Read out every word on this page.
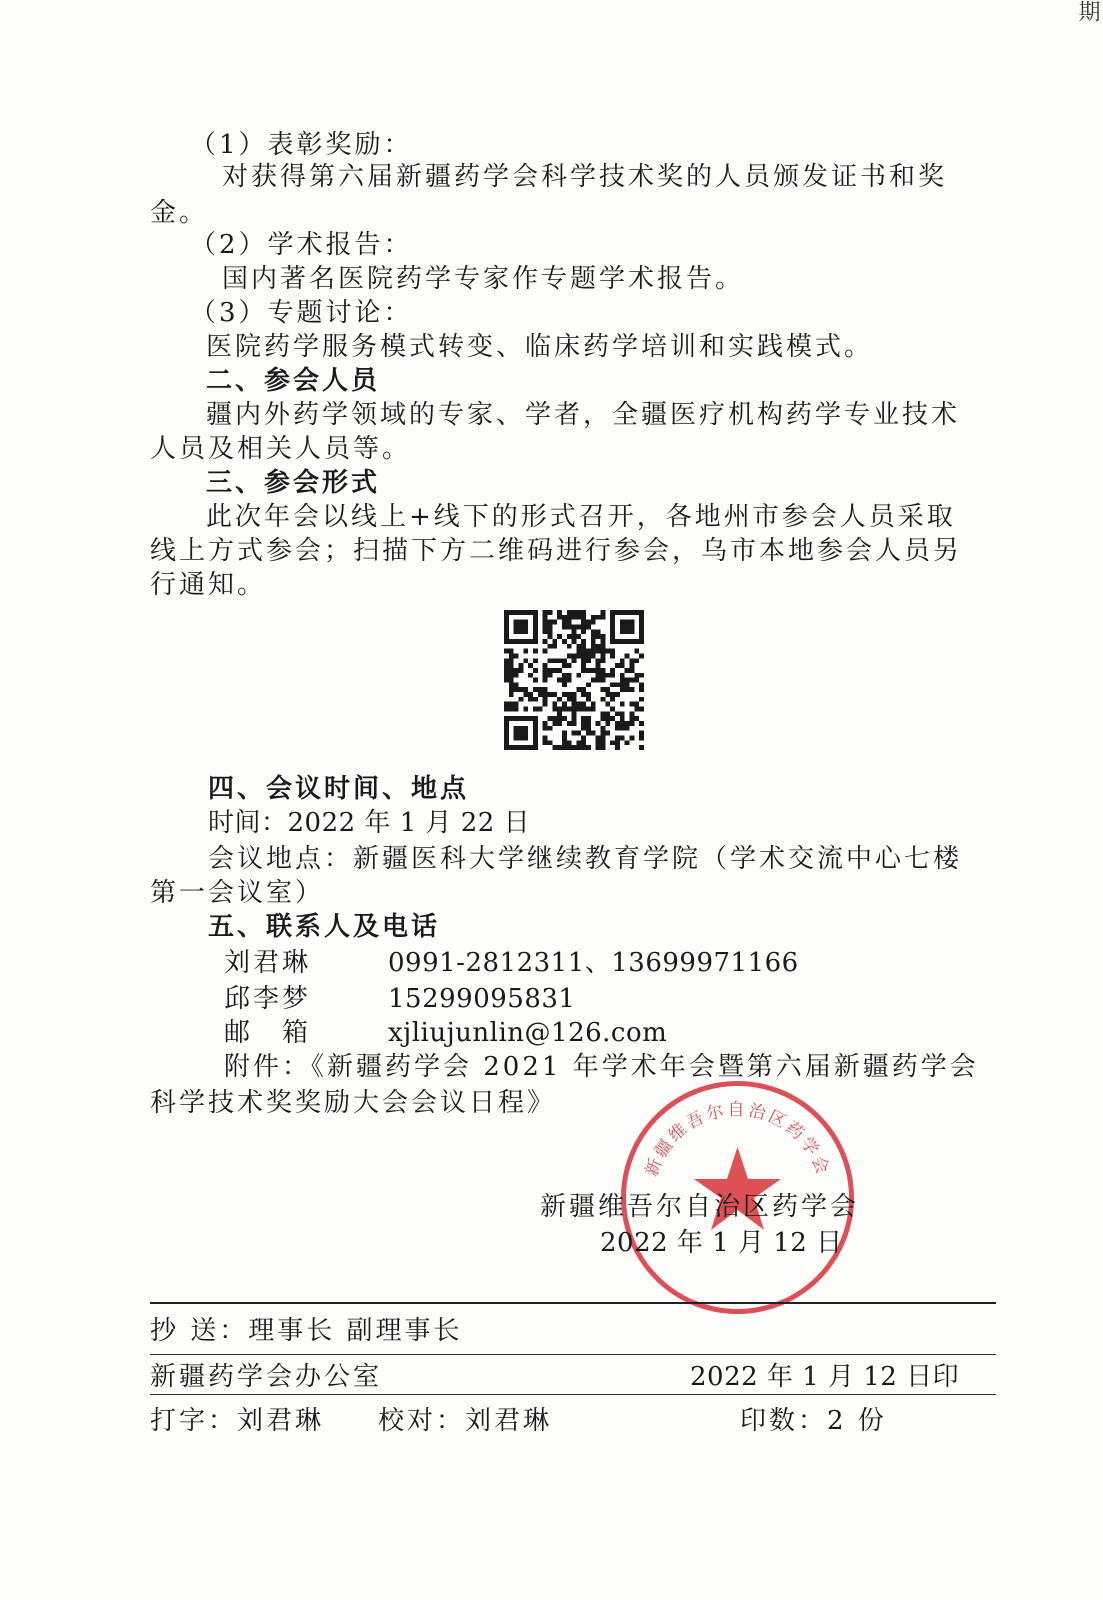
期
（1）表彰奖励：
对获得第六届新疆药学会科学技术奖的人员颁发证书和奖
金。
（2）学术报告：
国内著名医院药学专家作专题学术报告。
（3）专题讨论：
医院药学服务模式转变、临床药学培训和实践模式。
二、参会人员
疆内外药学领域的专家、学者，全疆医疗机构药学专业技术
人员及相关人员等。
三、参会形式
此次年会以线上+线下的形式召开，各地州市参会人员采取
线上方式参会；扫描下方二维码进行参会，乌市本地参会人员另
行通知。
四、会议时间、地点
时间：2022 年 1 月 22 日
会议地点：新疆医科大学继续教育学院（学术交流中心七楼
第一会议室）
五、联系人及电话
刘君琳	0991-2812311、13699971166
邱李梦	15299095831
邮　箱	xjliujunlin@126.com
附件：《新疆药学会 2021 年学术年会暨第六届新疆药学会
科学技术奖奖励大会会议日程》
新疆维吾尔自治区药学会
新疆维吾尔自治区药学会
2022 年 1 月 12 日
抄 送：理事长 副理事长
新疆药学会办公室	2022 年 1 月 12 日印
打字：刘君琳 校对：刘君琳	印数：2 份
